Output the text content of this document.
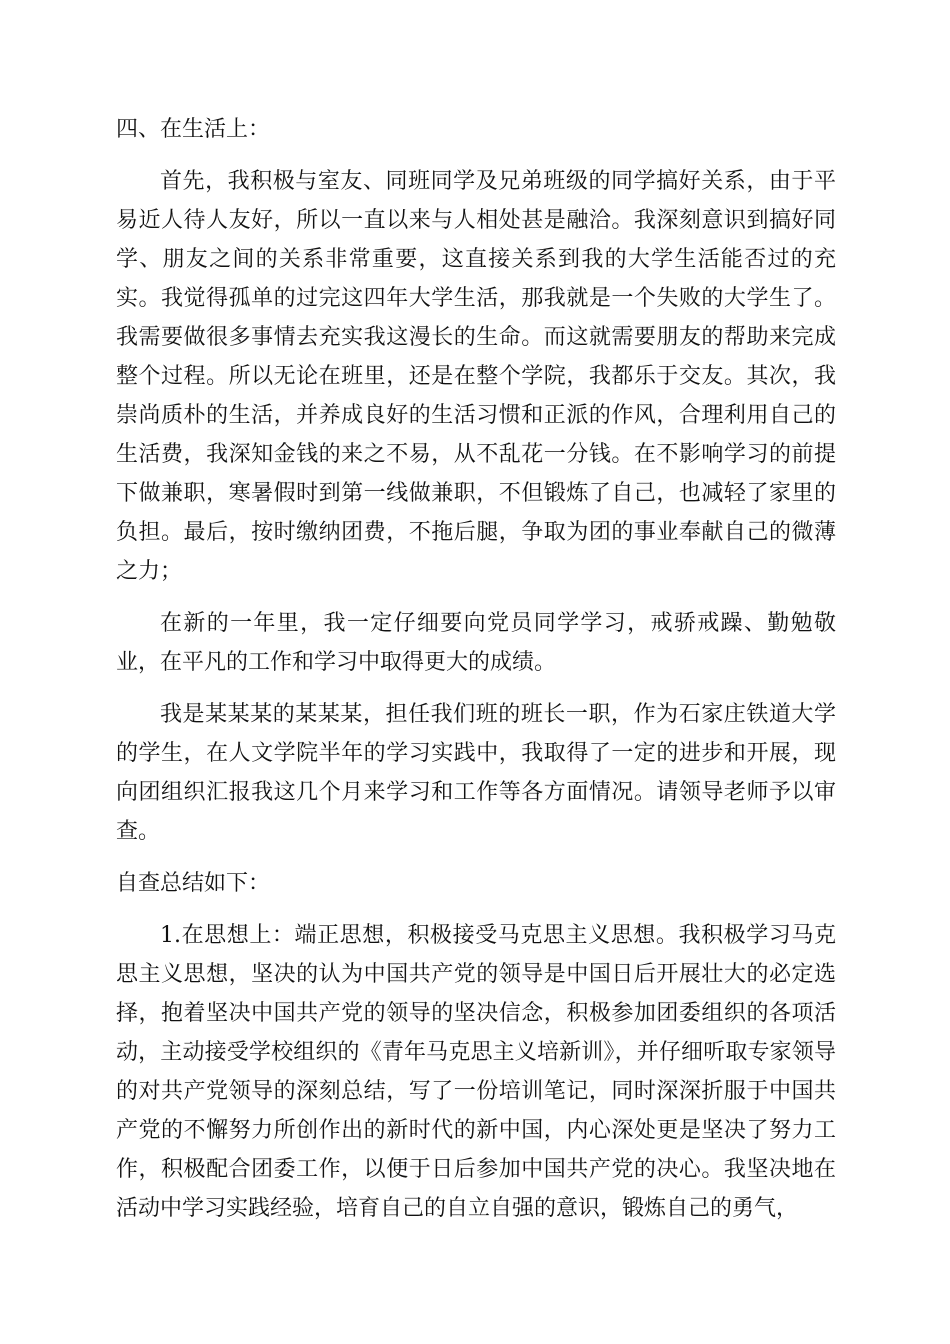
四、在生活上：

首先，我积极与室友、同班同学及兄弟班级的同学搞好关系，由于平易近人待人友好，所以一直以来与人相处甚是融洽。我深刻意识到搞好同学、朋友之间的关系非常重要，这直接关系到我的大学生活能否过的充实。我觉得孤单的过完这四年大学生活，那我就是一个失败的大学生了。我需要做很多事情去充实我这漫长的生命。而这就需要朋友的帮助来完成整个过程。所以无论在班里，还是在整个学院，我都乐于交友。其次，我崇尚质朴的生活，并养成良好的生活习惯和正派的作风，合理利用自己的生活费，我深知金钱的来之不易，从不乱花一分钱。在不影响学习的前提下做兼职，寒暑假时到第一线做兼职，不但锻炼了自己，也减轻了家里的负担。最后，按时缴纳团费，不拖后腿，争取为团的事业奉献自己的微薄之力；

在新的一年里，我一定仔细要向党员同学学习，戒骄戒躁、勤勉敬业，在平凡的工作和学习中取得更大的成绩。

我是某某某的某某某，担任我们班的班长一职，作为石家庄铁道大学的学生，在人文学院半年的学习实践中，我取得了一定的进步和开展，现向团组织汇报我这几个月来学习和工作等各方面情况。请领导老师予以审查。

自查总结如下：

1.在思想上：端正思想，积极接受马克思主义思想。我积极学习马克思主义思想，坚决的认为中国共产党的领导是中国日后开展壮大的必定选择，抱着坚决中国共产党的领导的坚决信念，积极参加团委组织的各项活动，主动接受学校组织的《青年马克思主义培新训》，并仔细听取专家领导的对共产党领导的深刻总结，写了一份培训笔记，同时深深折服于中国共产党的不懈努力所创作出的新时代的新中国，内心深处更是坚决了努力工作，积极配合团委工作，以便于日后参加中国共产党的决心。我坚决地在活动中学习实践经验，培育自己的自立自强的意识，锻炼自己的勇气，
